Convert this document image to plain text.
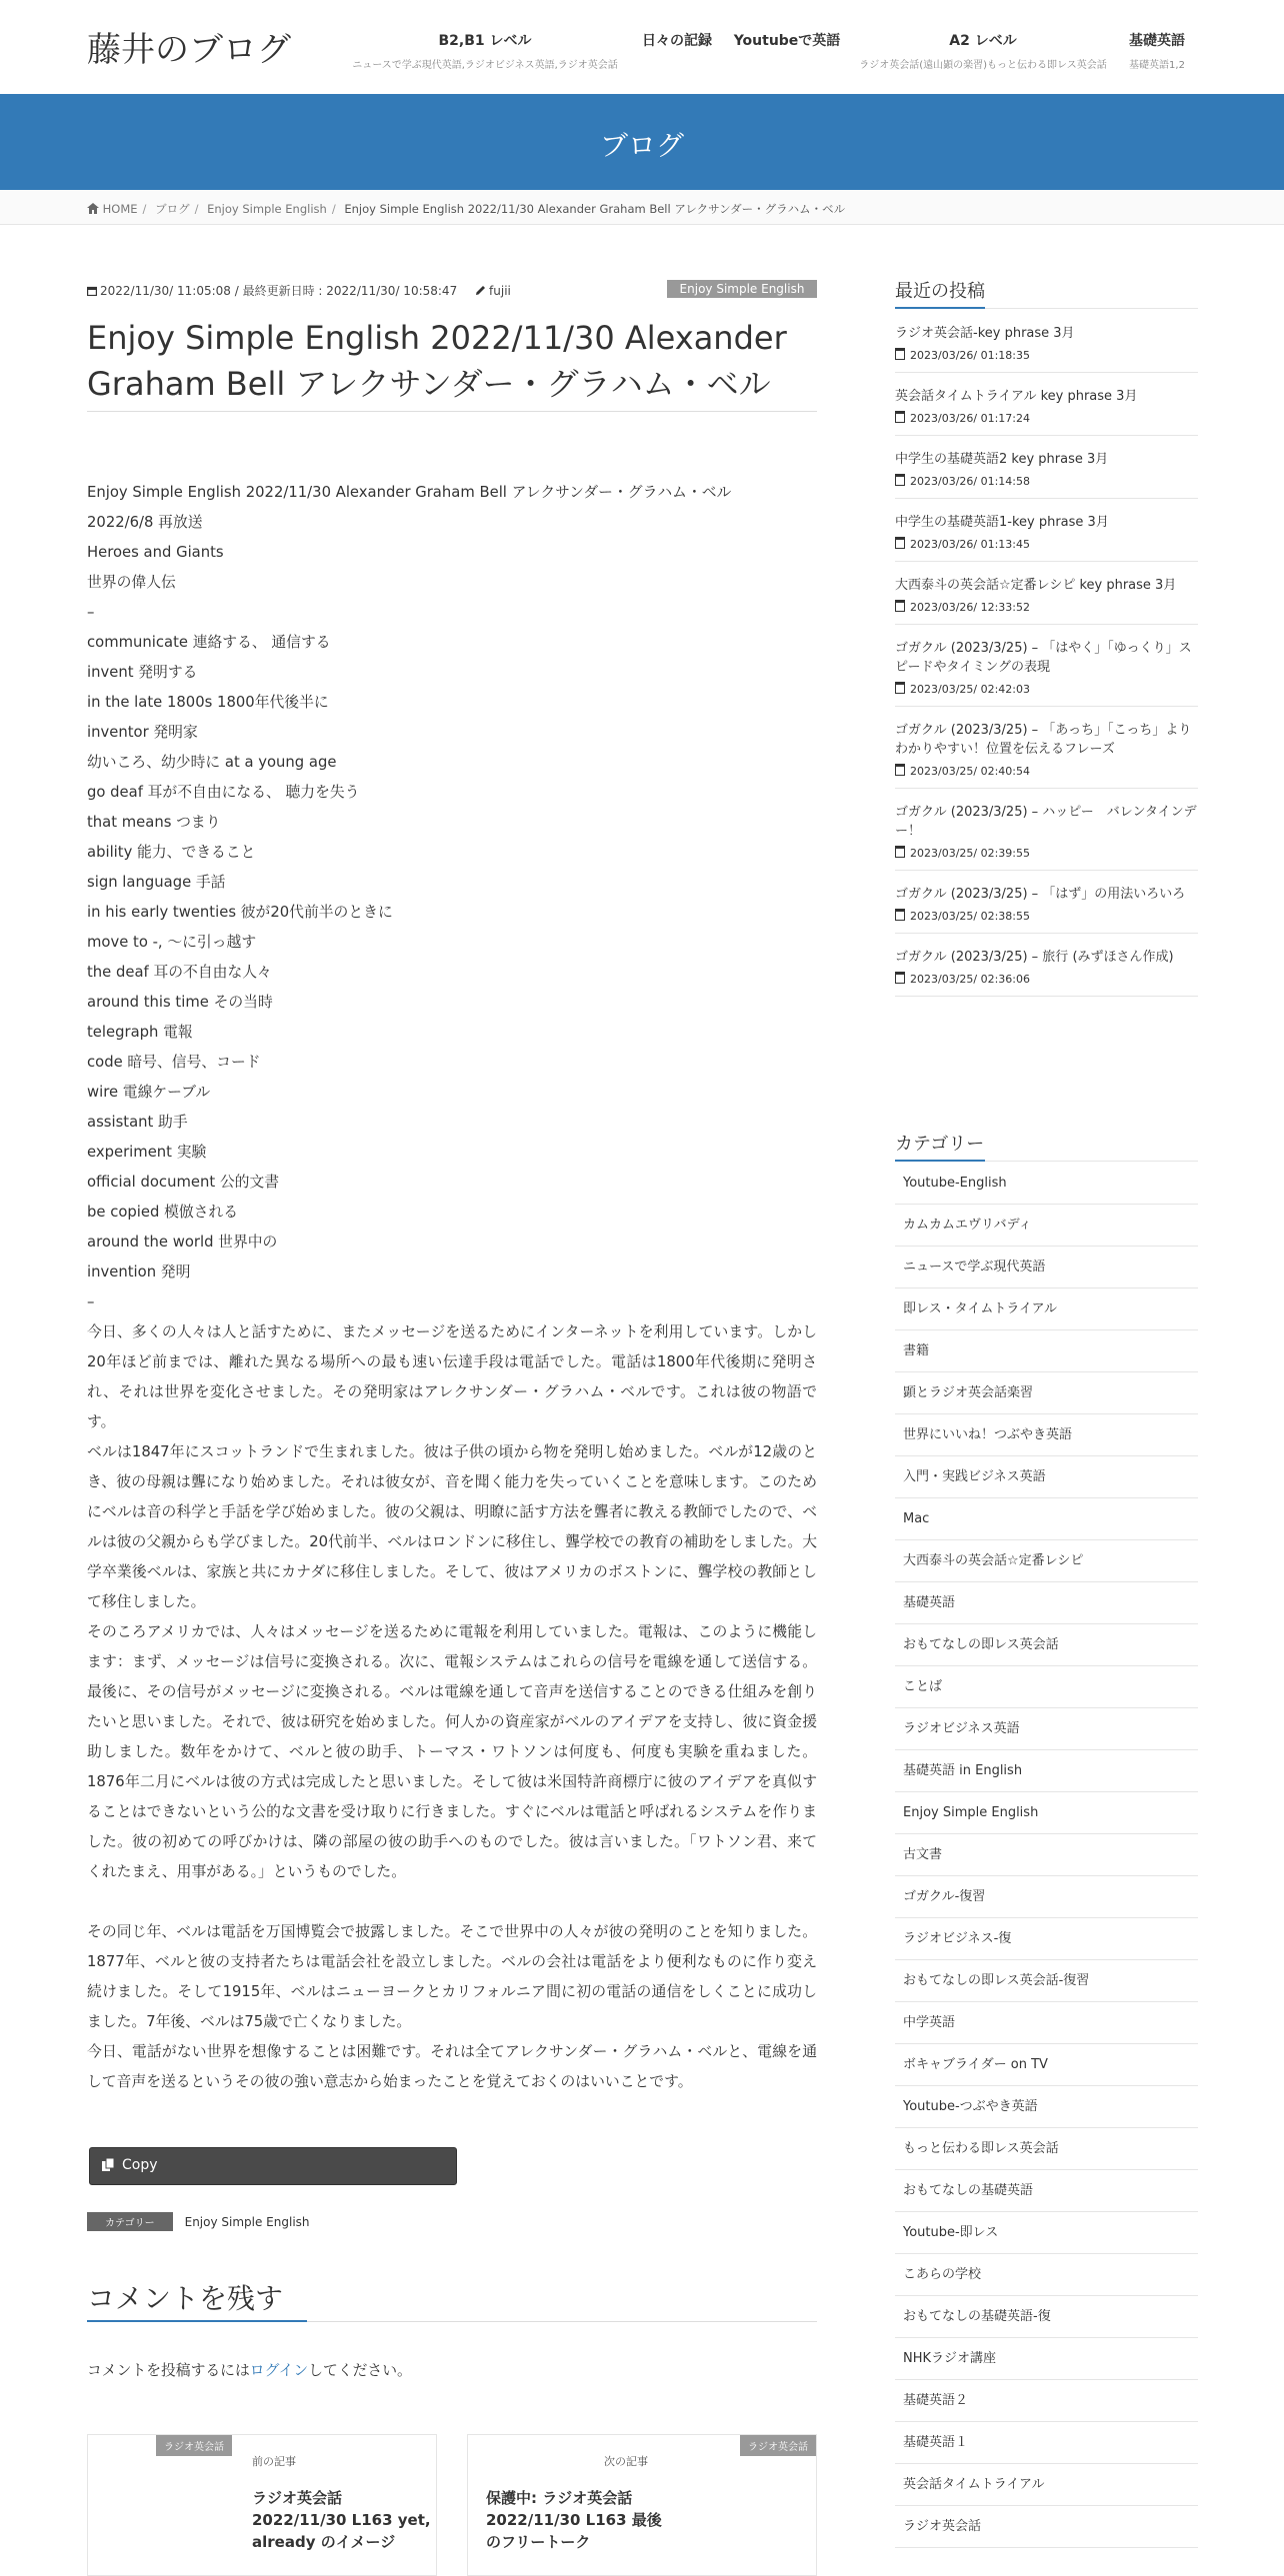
藤井のブログ	B2,B1 レベル
ニュースで学ぶ現代英語,ラジオビジネス英語,ラジオ英会話
日々の記録	Youtubeで英語	A2 レベル
ラジオ英会話(遠山顕の楽習)もっと伝わる即レス英会話
基礎英語
基礎英語1,2
ブログ
HOME / ブログ / Enjoy Simple English / Enjoy Simple English 2022/11/30 Alexander Graham Bell アレクサンダー・グラハム・ベル
2022/11/30/ 11:05:08 / 最終更新日時 : 2022/11/30/ 10:58:47	fujii	Enjoy Simple English
Enjoy Simple English 2022/11/30 Alexander Graham Bell アレクサンダー・グラハム・ベル
Enjoy Simple English 2022/11/30 Alexander Graham Bell アレクサンダー・グラハム・ベル
2022/6/8 再放送
Heroes and Giants
世界の偉人伝
–
communicate 連絡する、 通信する
invent 発明する
in the late 1800s 1800年代後半に
inventor 発明家
幼いころ、幼少時に at a young age
go deaf 耳が不自由になる、 聴力を失う
that means つまり
ability 能力、できること
sign language 手話
in his early twenties 彼が20代前半のときに
move to -, 〜に引っ越す
the deaf 耳の不自由な人々
around this time その当時
telegraph 電報
code 暗号、信号、コード
wire 電線ケーブル
assistant 助手
experiment 実験
official document 公的文書
be copied 模倣される
around the world 世界中の
invention 発明
–

今日、多くの人々は人と話すために、またメッセージを送るためにインターネットを利用しています。しかし20年ほど前までは、離れた異なる場所への最も速い伝達手段は電話でした。電話は1800年代後期に発明され、それは世界を変化させました。その発明家はアレクサンダー・グラハム・ベルです。これは彼の物語です。

ベルは1847年にスコットランドで生まれました。彼は子供の頃から物を発明し始めました。ベルが12歳のとき、彼の母親は聾になり始めました。それは彼女が、音を聞く能力を失っていくことを意味します。このためにベルは音の科学と手話を学び始めました。彼の父親は、明瞭に話す方法を聾者に教える教師でしたので、ベルは彼の父親からも学びました。20代前半、ベルはロンドンに移住し、聾学校での教育の補助をしました。大学卒業後ベルは、家族と共にカナダに移住しました。そして、彼はアメリカのボストンに、聾学校の教師として移住しました。

そのころアメリカでは、人々はメッセージを送るために電報を利用していました。電報は、このように機能します：まず、メッセージは信号に変換される。次に、電報システムはこれらの信号を電線を通して送信する。最後に、その信号がメッセージに変換される。ベルは電線を通して音声を送信することのできる仕組みを創りたいと思いました。それで、彼は研究を始めました。何人かの資産家がベルのアイデアを支持し、彼に資金援助しました。数年をかけて、ベルと彼の助手、トーマス・ワトソンは何度も、何度も実験を重ねました。1876年二月にベルは彼の方式は完成したと思いました。そして彼は米国特許商標庁に彼のアイデアを真似することはできないという公的な文書を受け取りに行きました。すぐにベルは電話と呼ばれるシステムを作りました。彼の初めての呼びかけは、隣の部屋の彼の助手へのものでした。彼は言いました。「ワトソン君、来てくれたまえ、用事がある。」というものでした。

その同じ年、ベルは電話を万国博覧会で披露しました。そこで世界中の人々が彼の発明のことを知りました。1877年、ベルと彼の支持者たちは電話会社を設立しました。ベルの会社は電話をより便利なものに作り変え続けました。そして1915年、ベルはニューヨークとカリフォルニア間に初の電話の通信をしくことに成功しました。7年後、ベルは75歳で亡くなりました。

今日、電話がない世界を想像することは困難です。それは全てアレクサンダー・グラハム・ベルと、電線を通して音声を送るというその彼の強い意志から始まったことを覚えておくのはいいことです。

Copy
カテゴリー	Enjoy Simple English
コメントを残す
コメントを投稿するにはログインしてください。
ラジオ英会話
前の記事
ラジオ英会話 2022/11/30 L163 yet, already のイメージ
ラジオ英会話
次の記事
保護中: ラジオ英会話 2022/11/30 L163 最後のフリートーク
最近の投稿
ラジオ英会話-key phrase 3月
2023/03/26/ 01:18:35
英会話タイムトライアル key phrase 3月
2023/03/26/ 01:17:24
中学生の基礎英語2 key phrase 3月
2023/03/26/ 01:14:58
中学生の基礎英語1-key phrase 3月
2023/03/26/ 01:13:45
大西泰斗の英会話☆定番レシピ key phrase 3月
2023/03/26/ 12:33:52
ゴガクル (2023/3/25) – 「はやく」「ゆっくり」スピードやタイミングの表現
2023/03/25/ 02:42:03
ゴガクル (2023/3/25) – 「あっち」「こっち」よりわかりやすい！位置を伝えるフレーズ
2023/03/25/ 02:40:54
ゴガクル (2023/3/25) – ハッピー　バレンタインデー！
2023/03/25/ 02:39:55
ゴガクル (2023/3/25) – 「はず」の用法いろいろ
2023/03/25/ 02:38:55
ゴガクル (2023/3/25) – 旅行 (みずほさん作成)
2023/03/25/ 02:36:06
カテゴリー
Youtube-English
カムカムエヴリバディ
ニュースで学ぶ現代英語
即レス・タイムトライアル
書籍
顕とラジオ英会話楽習
世界にいいね！つぶやき英語
入門・実践ビジネス英語
Mac
大西泰斗の英会話☆定番レシピ
基礎英語
おもてなしの即レス英会話
ことば
ラジオビジネス英語
基礎英語 in English
Enjoy Simple English
古文書
ゴガクル-復習
ラジオビジネス-復
おもてなしの即レス英会話-復習
中学英語
ボキャブライダー on TV
Youtube-つぶやき英語
もっと伝わる即レス英会話
おもてなしの基礎英語
Youtube-即レス
こあらの学校
おもてなしの基礎英語-復
NHKラジオ講座
基礎英語２
基礎英語１
英会話タイムトライアル
ラジオ英会話
